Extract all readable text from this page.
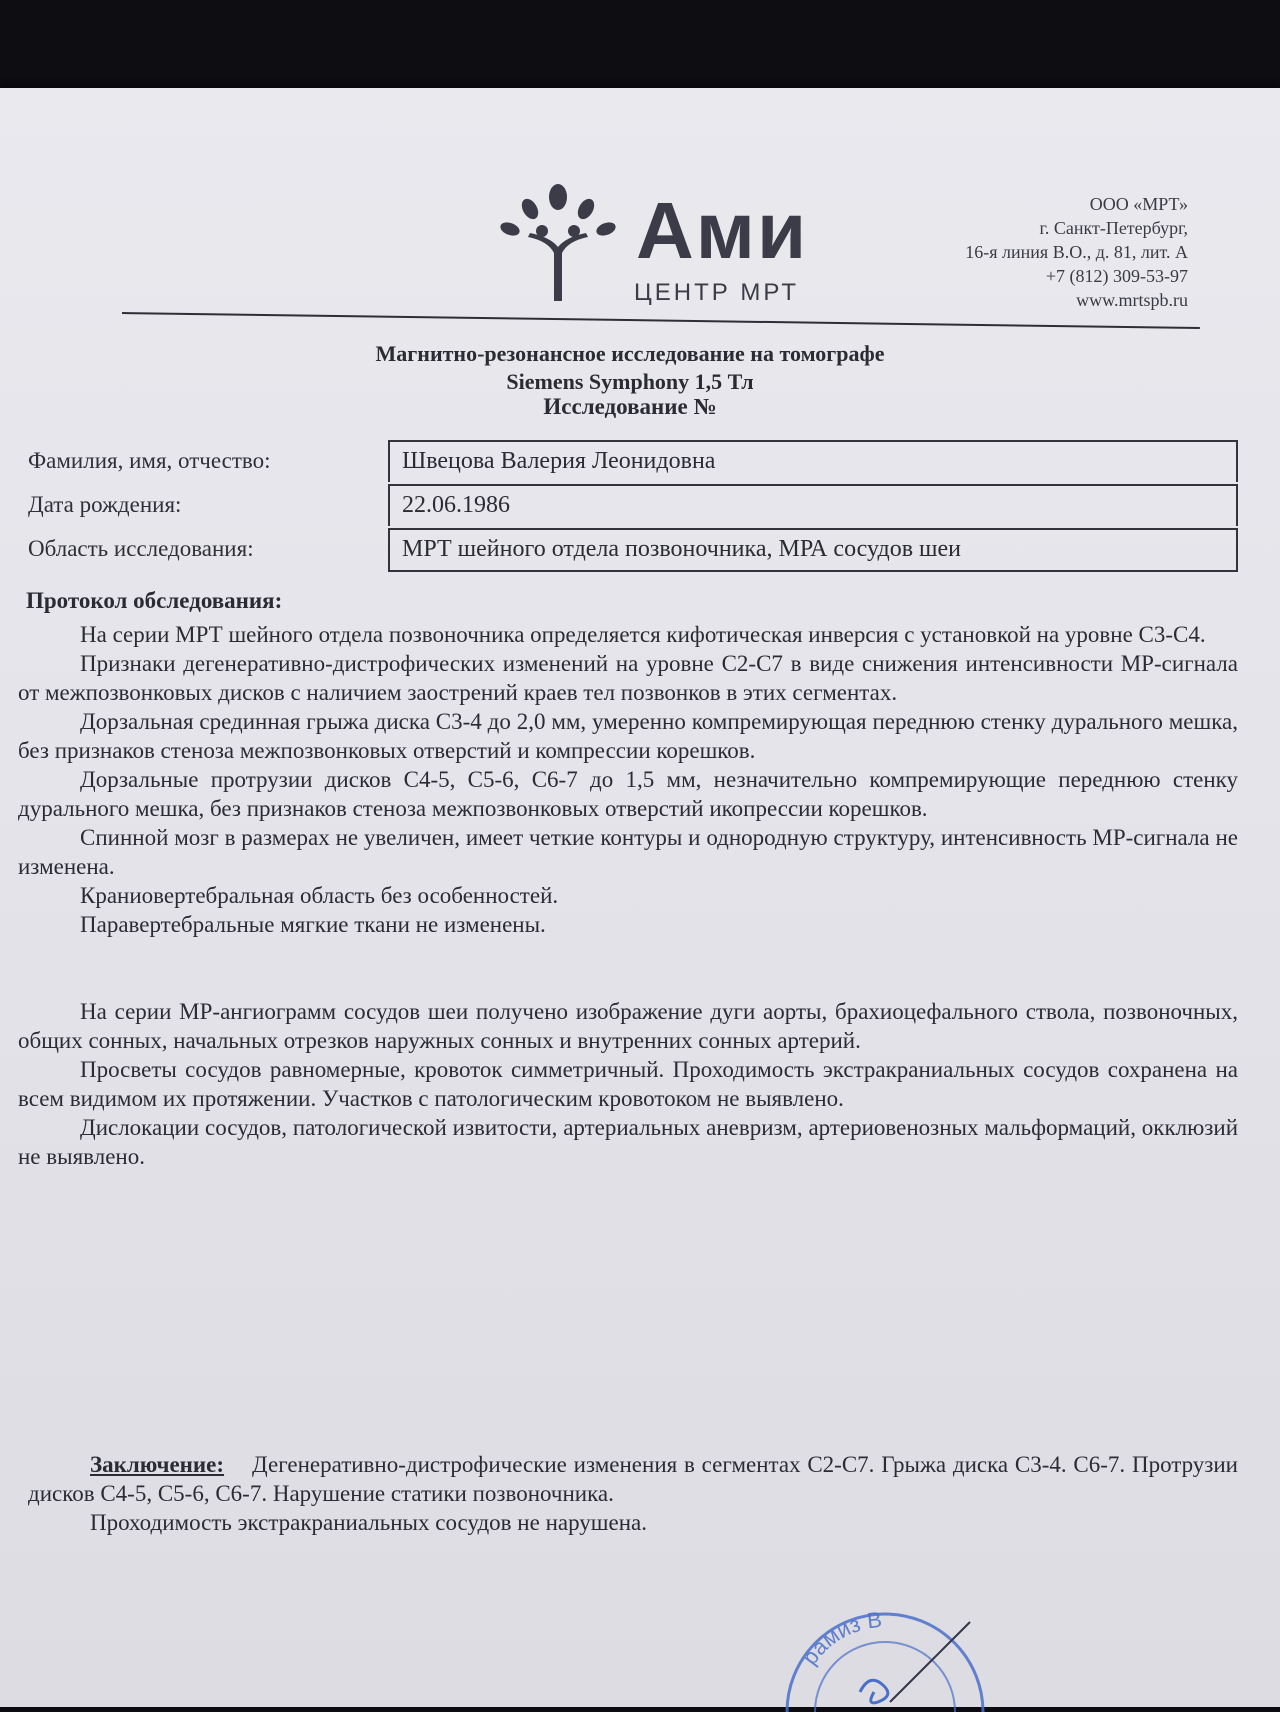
Ами
ЦЕНТР МРТ
ООО «МРТ»
г. Санкт-Петербург,
16-я линия В.О., д. 81, лит. А
+7 (812) 309-53-97
www.mrtspb.ru
Магнитно-резонансное исследование на томографе
Siemens Symphony 1,5 Тл
Исследование №
Фамилия, имя, отчество:	Швецова Валерия Леонидовна
Дата рождения:	22.06.1986
Область исследования:	МРТ шейного отдела позвоночника, МРА сосудов шеи
Протокол обследования:

На серии МРТ шейного отдела позвоночника определяется кифотическая инверсия с установкой на уровне С3-С4.

Признаки дегенеративно-дистрофических изменений на уровне С2-С7 в виде снижения интенсивности МР-сигнала от межпозвонковых дисков с наличием заострений краев тел позвонков в этих сегментах.

Дорзальная срединная грыжа диска С3-4 до 2,0 мм, умеренно компремирующая переднюю стенку дурального мешка, без признаков стеноза межпозвонковых отверстий и компрессии корешков.

Дорзальные протрузии дисков С4-5, С5-6, С6-7 до 1,5 мм, незначительно компремирующие переднюю стенку дурального мешка, без признаков стеноза межпозвонковых отверстий икопрессии корешков.

Спинной мозг в размерах не увеличен, имеет четкие контуры и однородную структуру, интенсивность МР-сигнала не изменена.

Краниовертебральная область без особенностей.

Паравертебральные мягкие ткани не изменены.

На серии МР-ангиограмм сосудов шеи получено изображение дуги аорты, брахиоцефального ствола, позвоночных, общих сонных, начальных отрезков наружных сонных и внутренних сонных артерий.

Просветы сосудов равномерные, кровоток симметричный. Проходимость экстракраниальных сосудов сохранена на всем видимом их протяжении. Участков с патологическим кровотоком не выявлено.

Дислокации сосудов, патологической извитости, артериальных аневризм, артериовенозных мальформаций, окклюзий не выявлено.

Заключение: Дегенеративно-дистрофические изменения в сегментах С2-С7. Грыжа диска С3-4. С6-7. Протрузии дисков С4-5, С5-6, С6-7. Нарушение статики позвоночника.

Проходимость экстракраниальных сосудов не нарушена.

рамиз В
